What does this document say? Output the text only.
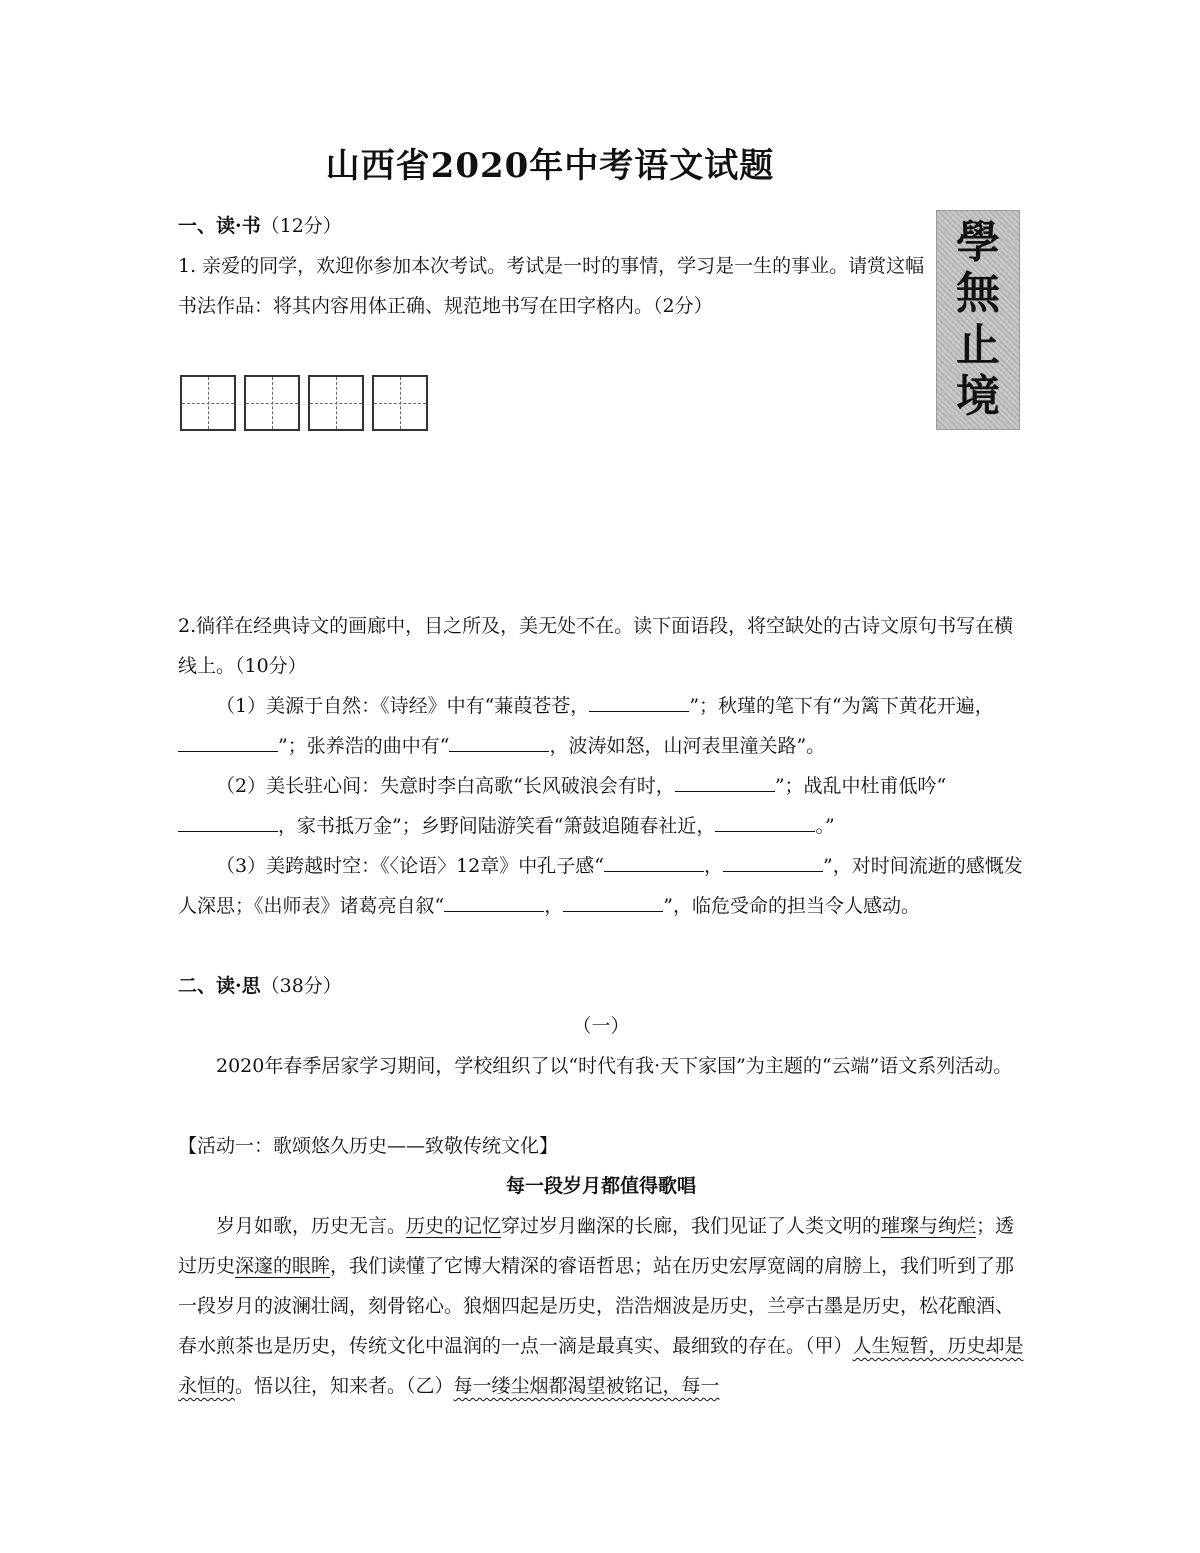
山西省2020年中考语文试题
一、读·书（12分）
1. 亲爱的同学，欢迎你参加本次考试。考试是一时的事情，学习是一生的事业。请赏这幅书法作品：将其内容用体正确、规范地书写在田字格内。（2分）
學
無
止
境
2.徜徉在经典诗文的画廊中，目之所及，美无处不在。读下面语段，将空缺处的古诗文原句书写在横线上。（10分）
（1）美源于自然：《诗经》中有“蒹葭苍苍，	”；秋瑾的笔下有“为篱下黄花开遍，”；张养浩的曲中有“	，波涛如怒，山河表里潼关路”。
（2）美长驻心间：失意时李白高歌“长风破浪会有时，	”；战乱中杜甫低吟“，家书抵万金”；乡野间陆游笑看“箫鼓追随春社近，	。”
（3）美跨越时空：《〈论语〉12章》中孔子感“	，	”，对时间流逝的感慨发人深思；《出师表》诸葛亮自叙“	，	”，临危受命的担当令人感动。
二、读·思（38分）
（一）
2020年春季居家学习期间，学校组织了以“时代有我·天下家国”为主题的“云端”语文系列活动。
【活动一：歌颂悠久历史——致敬传统文化】
每一段岁月都值得歌唱
岁月如歌，历史无言。历史的记忆穿过岁月幽深的长廊，我们见证了人类文明的璀璨与绚烂；透过历史深邃的眼眸，我们读懂了它博大精深的睿语哲思；站在历史宏厚宽阔的肩膀上，我们听到了那一段岁月的波澜壮阔，刻骨铭心。狼烟四起是历史，浩浩烟波是历史，兰亭古墨是历史，松花酿酒、春水煎茶也是历史，传统文化中温润的一点一滴是最真实、最细致的存在。（甲）人生短暂，历史却是永恒的。悟以往，知来者。（乙）每一缕尘烟都渴望被铭记，每一
